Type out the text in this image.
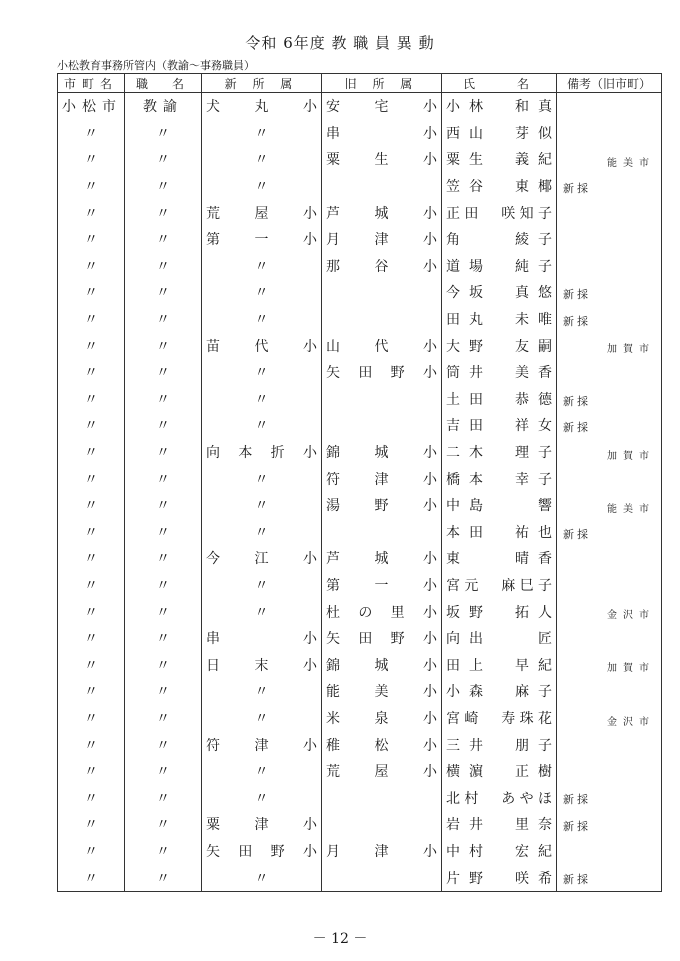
令和 6年度 教 職 員 異 動
小松教育事務所管内（教諭～事務職員）
市町名	職　名	新 所 属	旧 所 属	氏　　名	備考（旧市町）
小松市	教諭	犬丸小	安宅小	小林　和真	

〃	〃	〃	串　小	西山　芽似	

〃	〃	〃	粟生小	粟生　義紀	能美市

〃	〃	〃		笠谷　東椰	新採

〃	〃	荒屋小	芦城小	正田　咲知子	

〃	〃	第一小	月津小	角　　綾子	

〃	〃	〃	那谷小	道場　純子	

〃	〃	〃		今坂　真悠	新採

〃	〃	〃		田丸　未唯	新採

〃	〃	苗代小	山代小	大野　友嗣	加賀市

〃	〃	〃	矢田野小	筒井　美香	

〃	〃	〃		土田　恭德	新採

〃	〃	〃		吉田　祥女	新採

〃	〃	向本折小	錦城小	二木　理子	加賀市

〃	〃	〃	符津小	橋本　幸子	

〃	〃	〃	湯野小	中島　　響	能美市

〃	〃	〃		本田　祐也	新採

〃	〃	今江小	芦城小	東　　晴香	

〃	〃	〃	第一小	宮元　麻巳子	

〃	〃	〃	杜の里小	坂野　拓人	金沢市

〃	〃	串　小	矢田野小	向出　　匠	

〃	〃	日末小	錦城小	田上　早紀	加賀市

〃	〃	〃	能美小	小森　麻子	

〃	〃	〃	米泉小	宮崎　寿珠花	金沢市

〃	〃	符津小	稚松小	三井　朋子	

〃	〃	〃	荒屋小	横濵　正樹	

〃	〃	〃		北村　あやほ	新採

〃	〃	粟津小		岩井　里奈	新採

〃	〃	矢田野小	月津小	中村　宏紀	

〃	〃	〃		片野　咲希	新採
－ 12 －
